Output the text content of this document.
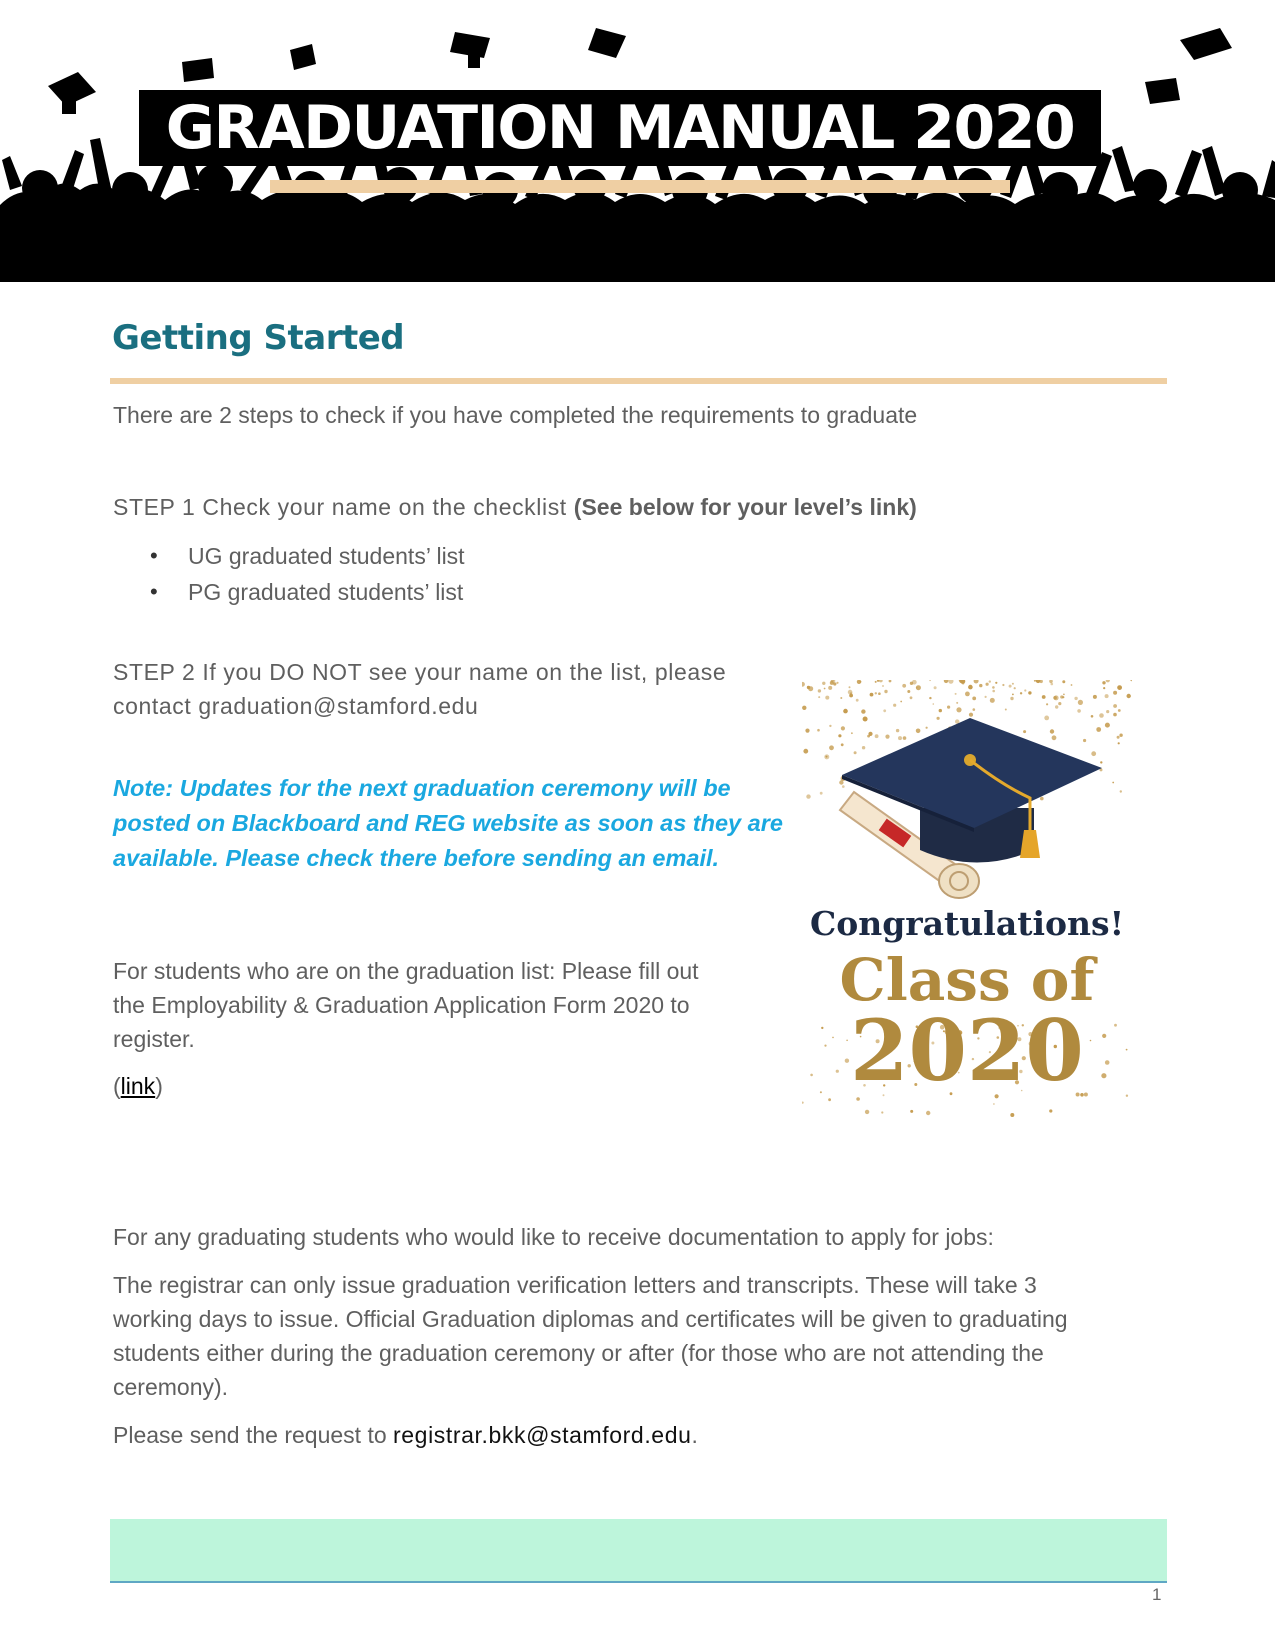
GRADUATION MANUAL 2020
Getting Started
There are 2 steps to check if you have completed the requirements to graduate
STEP 1 Check your name on the checklist (See below for your level’s link)
• UG graduated students’ list
• PG graduated students’ list
STEP 2 If you DO NOT see your name on the list, please
contact graduation@stamford.edu
Note: Updates for the next graduation ceremony will be posted on Blackboard and REG website as soon as they are available. Please check there before sending an email.
For students who are on the graduation list: Please fill out
the Employability & Graduation Application Form 2020 to
register.
(link)
Congratulations!
Class of
2020
For any graduating students who would like to receive documentation to apply for jobs:
The registrar can only issue graduation verification letters and transcripts. These will take 3
working days to issue. Official Graduation diplomas and certificates will be given to graduating
students either during the graduation ceremony or after (for those who are not attending the
ceremony).
Please send the request to registrar.bkk@stamford.edu.
1
